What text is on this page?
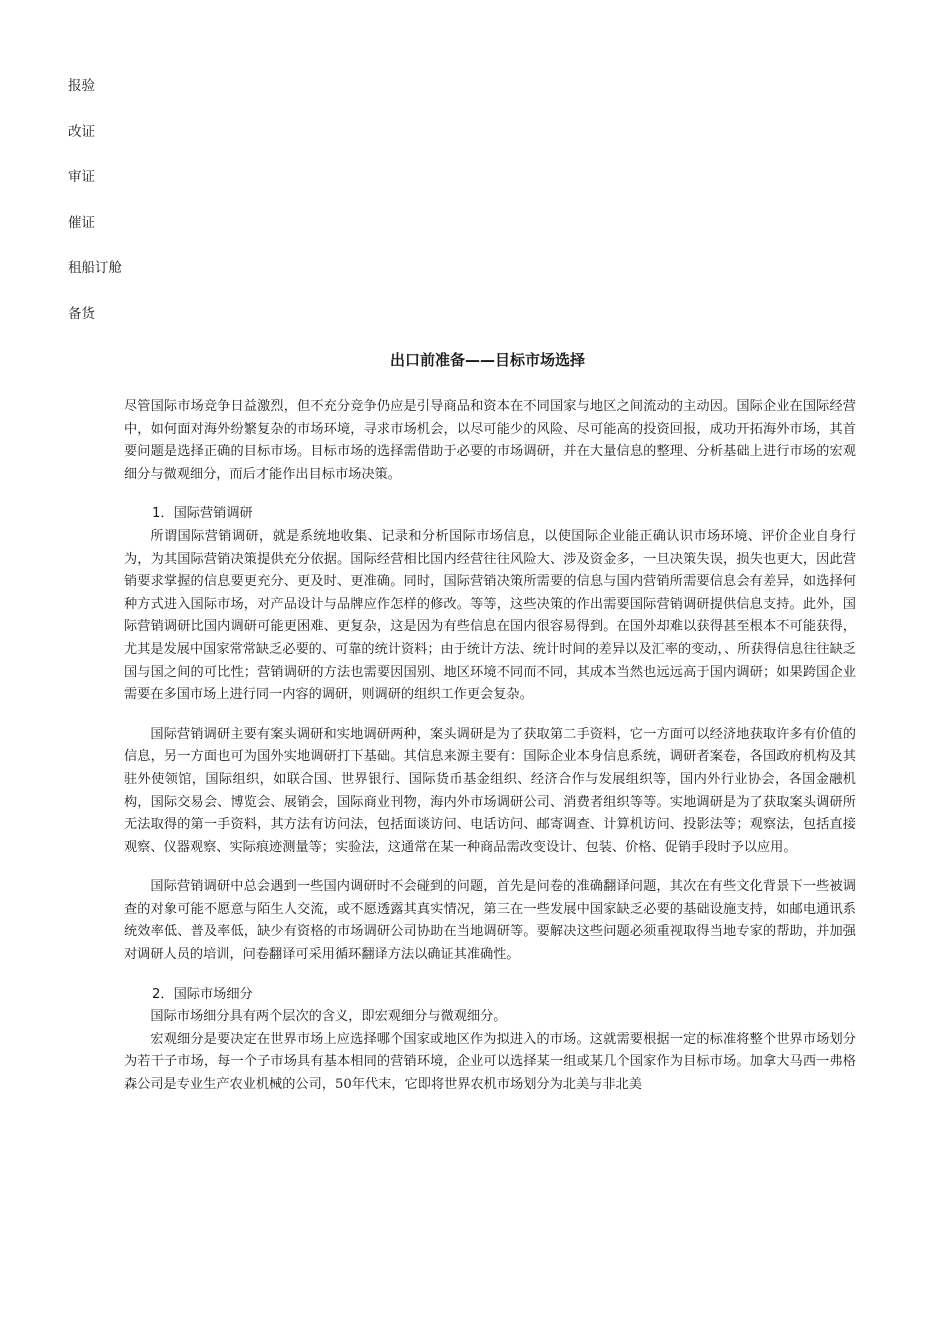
报验
改证
审证
催证
租船订舱
备货
出口前准备——目标市场选择

尽管国际市场竞争日益激烈，但不充分竞争仍应是引导商品和资本在不同国家与地区之间流动的主动因。国际企业在国际经营中，如何面对海外纷繁复杂的市场环境，寻求市场机会，以尽可能少的风险、尽可能高的投资回报，成功开拓海外市场，其首要问题是选择正确的目标市场。目标市场的选择需借助于必要的市场调研，并在大量信息的整理、分析基础上进行市场的宏观细分与微观细分，而后才能作出目标市场决策。

1．国际营销调研

所谓国际营销调研，就是系统地收集、记录和分析国际市场信息，以使国际企业能正确认识市场环境、评价企业自身行为，为其国际营销决策提供充分依据。国际经营相比国内经营往往风险大、涉及资金多，一旦决策失误，损失也更大，因此营销要求掌握的信息要更充分、更及时、更准确。同时，国际营销决策所需要的信息与国内营销所需要信息会有差异，如选择何种方式进入国际市场，对产品设计与品牌应作怎样的修改。等等，这些决策的作出需要国际营销调研提供信息支持。此外，国际营销调研比国内调研可能更困难、更复杂，这是因为有些信息在国内很容易得到。在国外却难以获得甚至根本不可能获得，尤其是发展中国家常常缺乏必要的、可靠的统计资料；由于统计方法、统计时间的差异以及汇率的变动，、所获得信息往往缺乏国与国之间的可比性；营销调研的方法也需要因国别、地区环境不同而不同，其成本当然也远远高于国内调研；如果跨国企业需要在多国市场上进行同一内容的调研，则调研的组织工作更会复杂。

国际营销调研主要有案头调研和实地调研两种，案头调研是为了获取第二手资料，它一方面可以经济地获取许多有价值的信息，另一方面也可为国外实地调研打下基础。其信息来源主要有：国际企业本身信息系统，调研者案卷，各国政府机构及其驻外使领馆，国际组织，如联合国、世界银行、国际货币基金组织、经济合作与发展组织等，国内外行业协会，各国金融机构，国际交易会、博览会、展销会，国际商业刊物，海内外市场调研公司、消费者组织等等。实地调研是为了获取案头调研所无法取得的第一手资料，其方法有访问法，包括面谈访问、电话访问、邮寄调查、计算机访问、投影法等；观察法，包括直接观察、仪器观察、实际痕迹测量等；实验法，这通常在某一种商品需改变设计、包装、价格、促销手段时予以应用。

国际营销调研中总会遇到一些国内调研时不会碰到的问题，首先是问卷的准确翻译问题，其次在有些文化背景下一些被调查的对象可能不愿意与陌生人交流，或不愿透露其真实情况，第三在一些发展中国家缺乏必要的基础设施支持，如邮电通讯系统效率低、普及率低，缺少有资格的市场调研公司协助在当地调研等。要解决这些问题必须重视取得当地专家的帮助，并加强对调研人员的培训，问卷翻译可采用循环翻译方法以确证其准确性。

2．国际市场细分

国际市场细分具有两个层次的含义，即宏观细分与微观细分。

宏观细分是要决定在世界市场上应选择哪个国家或地区作为拟进入的市场。这就需要根据一定的标准将整个世界市场划分为若干子市场，每一个子市场具有基本相同的营销环境，企业可以选择某一组或某几个国家作为目标市场。加拿大马西一弗格森公司是专业生产农业机械的公司，50年代末，它即将世界农机市场划分为北美与非北美
